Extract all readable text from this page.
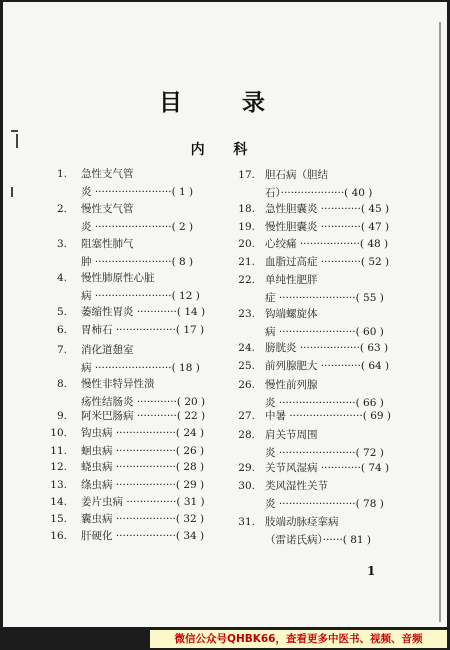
目 录
内 科
1. 急性支气管
炎 ·······················( 1 )
2. 慢性支气管
炎 ·······················( 2 )
3. 阻塞性肺气
肿 ·······················( 8 )
4. 慢性肺原性心脏
病 ·······················( 12 )
5. 萎缩性胃炎 ············( 14 )
6. 胃柿石 ··················( 17 )
7. 消化道憩室
病 ·······················( 18 )
8. 慢性非特异性溃
疡性结肠炎 ············( 20 )
9. 阿米巴肠病 ············( 22 )
10. 钩虫病 ··················( 24 )
11. 蛔虫病 ··················( 26 )
12. 蛲虫病 ··················( 28 )
13. 绦虫病 ··················( 29 )
14. 姜片虫病 ···············( 31 )
15. 囊虫病 ··················( 32 )
16. 肝硬化 ··················( 34 )
17. 胆石病（胆结
石）···················( 40 )
18. 急性胆囊炎 ············( 45 )
19. 慢性胆囊炎 ············( 47 )
20. 心绞痛 ··················( 48 )
21. 血脂过高症 ············( 52 )
22. 单纯性肥胖
症 ·······················( 55 )
23. 钩端螺旋体
病 ·······················( 60 )
24. 膀胱炎 ··················( 63 )
25. 前列腺肥大 ············( 64 )
26. 慢性前列腺
炎 ·······················( 66 )
27. 中暑 ······················( 69 )
28. 肩关节周围
炎 ·······················( 72 )
29. 关节风湿病 ············( 74 )
30. 类风湿性关节
炎 ·······················( 78 )
31. 肢端动脉痉挛病
（雷诺氏病）······( 81 )
1
微信公众号QHBK66，查看更多中医书、视频、音频
